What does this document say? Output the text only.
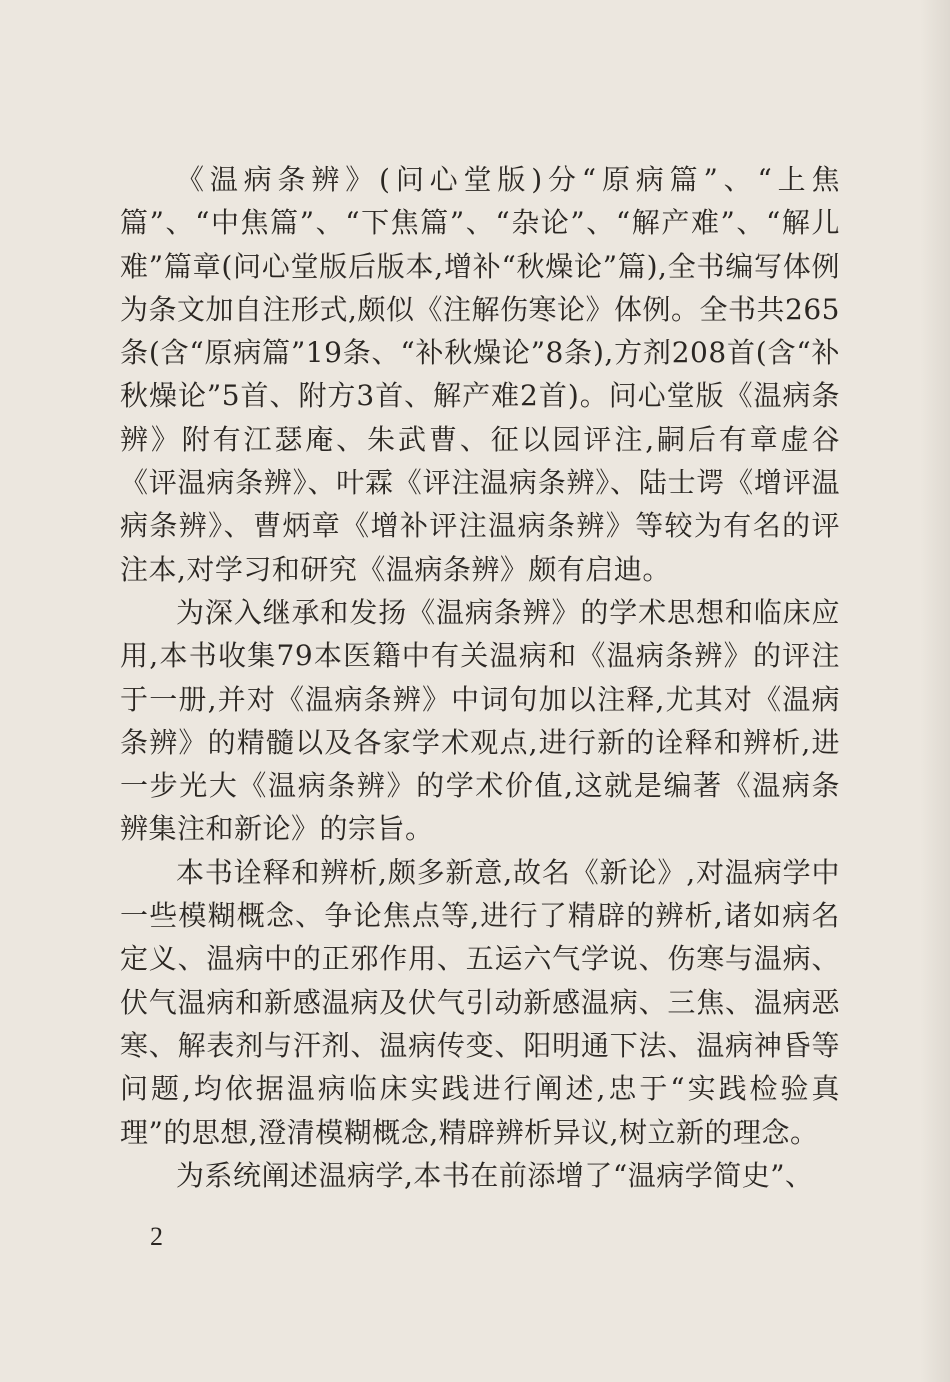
《温病条辨》(问心堂版)分“原病篇”、“上焦篇”、“中焦篇”、“下焦篇”、“杂论”、“解产难”、“解儿难”篇章(问心堂版后版本,增补“秋燥论”篇),全书编写体例为条文加自注形式,颇似《注解伤寒论》体例。全书共265条(含“原病篇”19条、“补秋燥论”8条),方剂208首(含“补秋燥论”5首、附方3首、解产难2首)。问心堂版《温病条辨》附有江瑟庵、朱武曹、征以园评注,嗣后有章虚谷《评温病条辨》、叶霖《评注温病条辨》、陆士谔《增评温病条辨》、曹炳章《增补评注温病条辨》等较为有名的评注本,对学习和研究《温病条辨》颇有启迪。

为深入继承和发扬《温病条辨》的学术思想和临床应用,本书收集79本医籍中有关温病和《温病条辨》的评注于一册,并对《温病条辨》中词句加以注释,尤其对《温病条辨》的精髓以及各家学术观点,进行新的诠释和辨析,进一步光大《温病条辨》的学术价值,这就是编著《温病条辨集注和新论》的宗旨。

本书诠释和辨析,颇多新意,故名《新论》,对温病学中一些模糊概念、争论焦点等,进行了精辟的辨析,诸如病名定义、温病中的正邪作用、五运六气学说、伤寒与温病、伏气温病和新感温病及伏气引动新感温病、三焦、温病恶寒、解表剂与汗剂、温病传变、阳明通下法、温病神昏等问题,均依据温病临床实践进行阐述,忠于“实践检验真理”的思想,澄清模糊概念,精辟辨析异议,树立新的理念。

为系统阐述温病学,本书在前添增了“温病学简史”、

2
